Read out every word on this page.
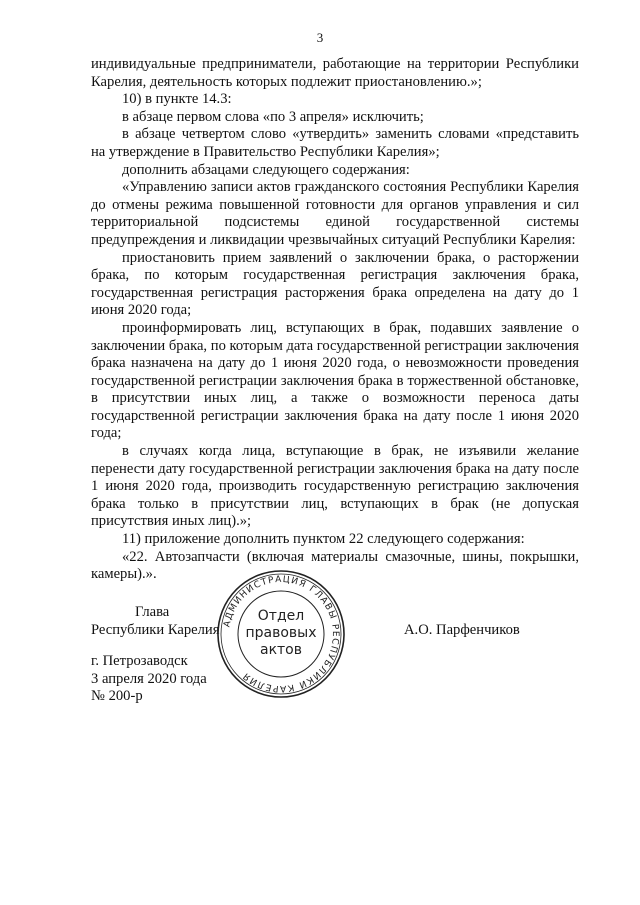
3

индивидуальные предприниматели, работающие на территории Республики Карелия, деятельность которых подлежит приостановлению.»;

10) в пункте 14.3:

в абзаце первом слова «по 3 апреля» исключить;

в абзаце четвертом слово «утвердить» заменить словами «представить на утверждение в Правительство Республики Карелия»;

дополнить абзацами следующего содержания:

«Управлению записи актов гражданского состояния Республики Карелия до отмены режима повышенной готовности для органов управления и сил территориальной подсистемы единой государственной системы предупреждения и ликвидации чрезвычайных ситуаций Республики Карелия:

приостановить прием заявлений о заключении брака, о расторжении брака, по которым государственная регистрация заключения брака, государственная регистрация расторжения брака определена на дату до 1 июня 2020 года;

проинформировать лиц, вступающих в брак, подавших заявление о заключении брака, по которым дата государственной регистрации заключения брака назначена на дату до 1 июня 2020 года, о невозможности проведения государственной регистрации заключения брака в торжественной обстановке, в присутствии иных лиц, а также о возможности переноса даты государственной регистрации заключения брака на дату после 1 июня 2020 года;

в случаях когда лица, вступающие в брак, не изъявили желание перенести дату государственной регистрации заключения брака на дату после 1 июня 2020 года, производить государственную регистрацию заключения брака только в присутствии лиц, вступающих в брак (не допуская присутствия иных лиц).»;

11) приложение дополнить пунктом 22 следующего содержания:

«22. Автозапчасти (включая материалы смазочные, шины, покрышки, камеры).».

Глава
Республики Карелия	А.О. Парфенчиков
АДМИНИСТРАЦИЯ ГЛАВЫ РЕСПУБЛИКИ КАРЕЛИЯ
Отдел
правовых
актов
г. Петрозаводск
3 апреля 2020 года
№ 200-р
